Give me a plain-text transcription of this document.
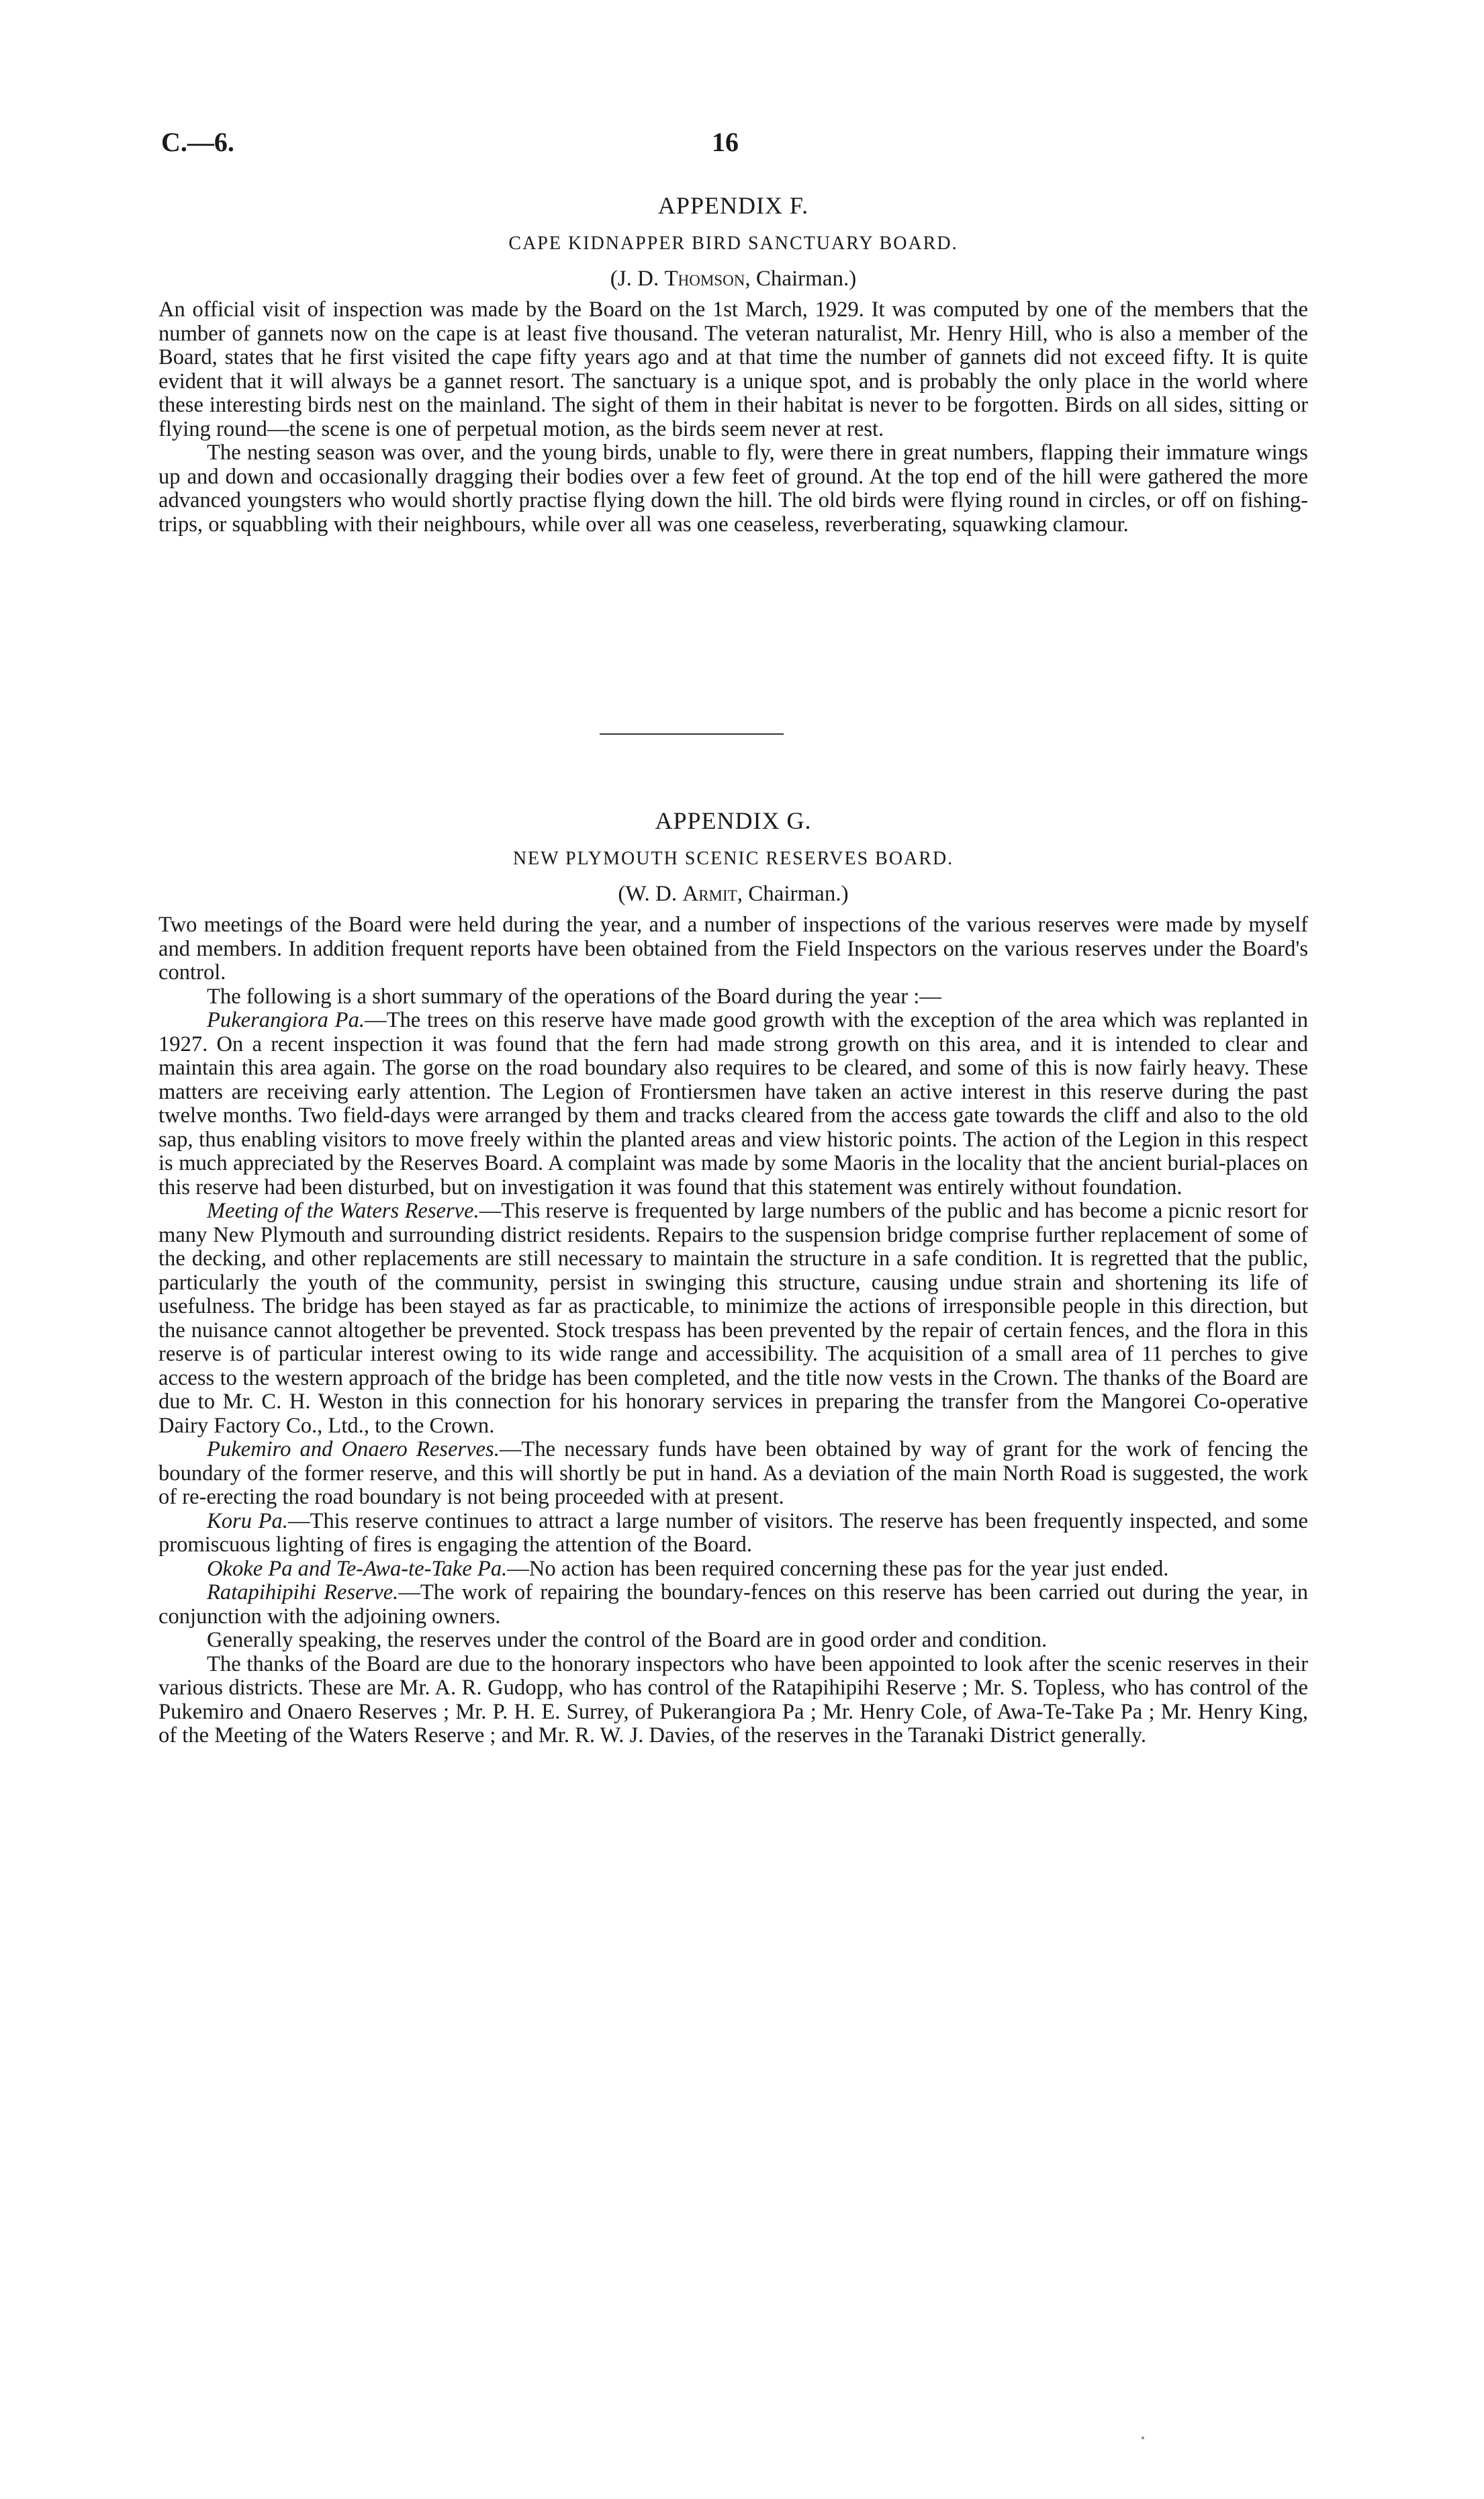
C.—6.	16
APPENDIX F.
CAPE KIDNAPPER BIRD SANCTUARY BOARD.
(J. D. Thomson, Chairman.)

An official visit of inspection was made by the Board on the 1st March, 1929. It was computed by one of the members that the number of gannets now on the cape is at least five thousand. The veteran naturalist, Mr. Henry Hill, who is also a member of the Board, states that he first visited the cape fifty years ago and at that time the number of gannets did not exceed fifty. It is quite evident that it will always be a gannet resort. The sanctuary is a unique spot, and is probably the only place in the world where these interesting birds nest on the mainland. The sight of them in their habitat is never to be forgotten. Birds on all sides, sitting or flying round—the scene is one of perpetual motion, as the birds seem never at rest.

The nesting season was over, and the young birds, unable to fly, were there in great numbers, flapping their immature wings up and down and occasionally dragging their bodies over a few feet of ground. At the top end of the hill were gathered the more advanced youngsters who would shortly practise flying down the hill. The old birds were flying round in circles, or off on fishing-trips, or squabbling with their neighbours, while over all was one ceaseless, reverberating, squawking clamour.

APPENDIX G.
NEW PLYMOUTH SCENIC RESERVES BOARD.
(W. D. Armit, Chairman.)

Two meetings of the Board were held during the year, and a number of inspections of the various reserves were made by myself and members. In addition frequent reports have been obtained from the Field Inspectors on the various reserves under the Board's control.

The following is a short summary of the operations of the Board during the year :—

Pukerangiora Pa.—The trees on this reserve have made good growth with the exception of the area which was replanted in 1927. On a recent inspection it was found that the fern had made strong growth on this area, and it is intended to clear and maintain this area again. The gorse on the road boundary also requires to be cleared, and some of this is now fairly heavy. These matters are receiving early attention. The Legion of Frontiersmen have taken an active interest in this reserve during the past twelve months. Two field-days were arranged by them and tracks cleared from the access gate towards the cliff and also to the old sap, thus enabling visitors to move freely within the planted areas and view historic points. The action of the Legion in this respect is much appreciated by the Reserves Board. A complaint was made by some Maoris in the locality that the ancient burial-places on this reserve had been disturbed, but on investigation it was found that this statement was entirely without foundation.

Meeting of the Waters Reserve.—This reserve is frequented by large numbers of the public and has become a picnic resort for many New Plymouth and surrounding district residents. Repairs to the suspension bridge comprise further replacement of some of the decking, and other replacements are still necessary to maintain the structure in a safe condition. It is regretted that the public, particularly the youth of the community, persist in swinging this structure, causing undue strain and shortening its life of usefulness. The bridge has been stayed as far as practicable, to minimize the actions of irresponsible people in this direction, but the nuisance cannot altogether be prevented. Stock trespass has been prevented by the repair of certain fences, and the flora in this reserve is of particular interest owing to its wide range and accessibility. The acquisition of a small area of 11 perches to give access to the western approach of the bridge has been completed, and the title now vests in the Crown. The thanks of the Board are due to Mr. C. H. Weston in this connection for his honorary services in preparing the transfer from the Mangorei Co-operative Dairy Factory Co., Ltd., to the Crown.

Pukemiro and Onaero Reserves.—The necessary funds have been obtained by way of grant for the work of fencing the boundary of the former reserve, and this will shortly be put in hand. As a deviation of the main North Road is suggested, the work of re-erecting the road boundary is not being proceeded with at present.

Koru Pa.—This reserve continues to attract a large number of visitors. The reserve has been frequently inspected, and some promiscuous lighting of fires is engaging the attention of the Board.

Okoke Pa and Te-Awa-te-Take Pa.—No action has been required concerning these pas for the year just ended.

Ratapihipihi Reserve.—The work of repairing the boundary-fences on this reserve has been carried out during the year, in conjunction with the adjoining owners.

Generally speaking, the reserves under the control of the Board are in good order and condition.

The thanks of the Board are due to the honorary inspectors who have been appointed to look after the scenic reserves in their various districts. These are Mr. A. R. Gudopp, who has control of the Ratapihipihi Reserve ; Mr. S. Topless, who has control of the Pukemiro and Onaero Reserves ; Mr. P. H. E. Surrey, of Pukerangiora Pa ; Mr. Henry Cole, of Awa-Te-Take Pa ; Mr. Henry King, of the Meeting of the Waters Reserve ; and Mr. R. W. J. Davies, of the reserves in the Taranaki District generally.
